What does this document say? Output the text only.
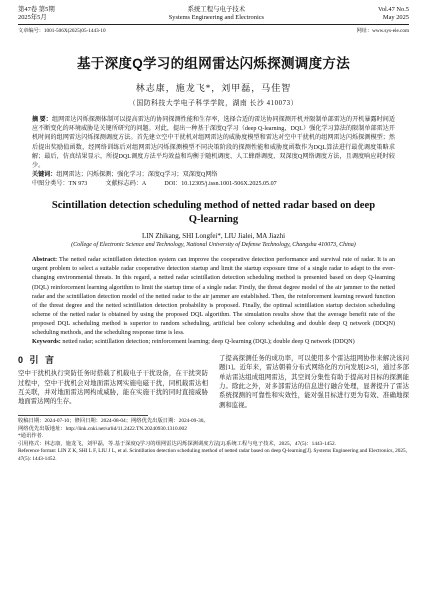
第47卷 第5期
2025年5月
系统工程与电子技术
Systems Engineering and Electronics
Vol.47 No.5
May 2025
文章编号：1001-506X(2025)05-1443-10	网址：www.sys-ele.com
基于深度Q学习的组网雷达闪烁探测调度方法
林志康，施龙飞*，刘甲磊，马佳智
（国防科技大学电子科学学院，湖南 长沙 410073）
摘 要：组网雷达闪烁探测体制可以提高雷达的协同探测性能和生存率，选择合适的雷达协同探测开机并限制单部雷达的开机暴露时间适应不断变化的环境威胁是关键所研究的问题。对此，提出一种基于深度Q学习（deep Q-learning，DQL）强化学习算法的限制单部雷达开机时间的组网雷达闪烁探测调度方法。首先建立空中干扰机对组网雷达的威胁度模型和雷达对空中干扰机的组网雷达闪烁探测模型；然后提出奖励值函数，经网络训练后对组网雷达闪烁探测模型不同决策阶段的探测性能和威胁度函数作为DQL算法进行最优调度策略求解；最后，仿真结果显示，所提DQL调度方法平均效益和均衡于随机调度、人工蜂群调度、双深度Q网络调度方法，且调度响应耗时较少。
关键词：组网雷达；闪烁探测；强化学习；深度Q学习；双深度Q网络
中图分类号：TN 973	文献标志码：A	DOI：10.12305/j.issn.1001-506X.2025.05.07
Scintillation detection scheduling method of netted radar based on deep Q-learning
LIN Zhikang, SHI Longfei*, LIU Jialei, MA Jiazhi
(College of Electronic Science and Technology, National University of Defense Technology, Changsha 410073, China)
Abstract: The netted radar scintillation detection system can improve the cooperative detection performance and survival rate of radar. It is an urgent problem to select a suitable radar cooperative detection startup and limit the startup exposure time of a single radar to adapt to the ever-changing environmental threats. In this regard, a netted radar scintillation detection scheduling method is presented based on deep Q-learning (DQL) reinforcement learning algorithm to limit the startup time of a single radar. Firstly, the threat degree model of the air jammer to the netted radar and the scintillation detection model of the netted radar to the air jammer are established. Then, the reinforcement learning reward function of the threat degree and the netted scintillation detection probability is proposed. Finally, the optimal scintillation startup decision scheduling scheme of the netted radar is obtained by using the proposed DQL algorithm. The simulation results show that the average benefit rate of the proposed DQL scheduling method is superior to random scheduling, artificial bee colony scheduling and double deep Q network (DDQN) scheduling methods, and the scheduling response time is less.
Keywords: netted radar; scintillation detection; reinforcement learning; deep Q-learning (DQL); double deep Q network (DDQN)
0 引 言
空中干扰机执行突防任务时搭载了机载电子干扰设备，在干扰突防过程中，空中干扰机会对地面雷达网实施电磁干扰，同机载雷达相互关联，并对地面雷达网构成威胁，能在实施干扰的同时直接威胁地面雷达网的生存。
了提高探测任务的成功率，可以使用多个雷达组网协作来解决该问题[1]。近年来，雷达朝着分布式网络化的方向发展[2-5]，通过多部单站雷达组成组网雷达，其空间分集性有助于提高对目标的探测能力。除此之外，对多部雷达的信息进行融合处理，显著提升了雷达系统探测的可靠性和实效性，能对强目标进行更为有效、准确地探测和监视。
收稿日期：2024-07-10；修回日期：2024-08-04；网络优先出版日期：2024-09-30。
网络优先出版地址：http://link.cnki.net/urlid/11.2422.TN.20240930.1310.002
*通讯作者.
引用格式：林志康，施龙飞，刘甲磊，等.基于深度Q学习的组网雷达闪烁探测调度方法[J].系统工程与电子技术，2025，47(5)：1443-1452.
Reference format: LIN Z K, SHI L F, LIU J L, et al. Scintillation detection scheduling method of netted radar based on deep Q-learning[J]. Systems Engineering and Electronics, 2025, 47(5): 1443-1452.
